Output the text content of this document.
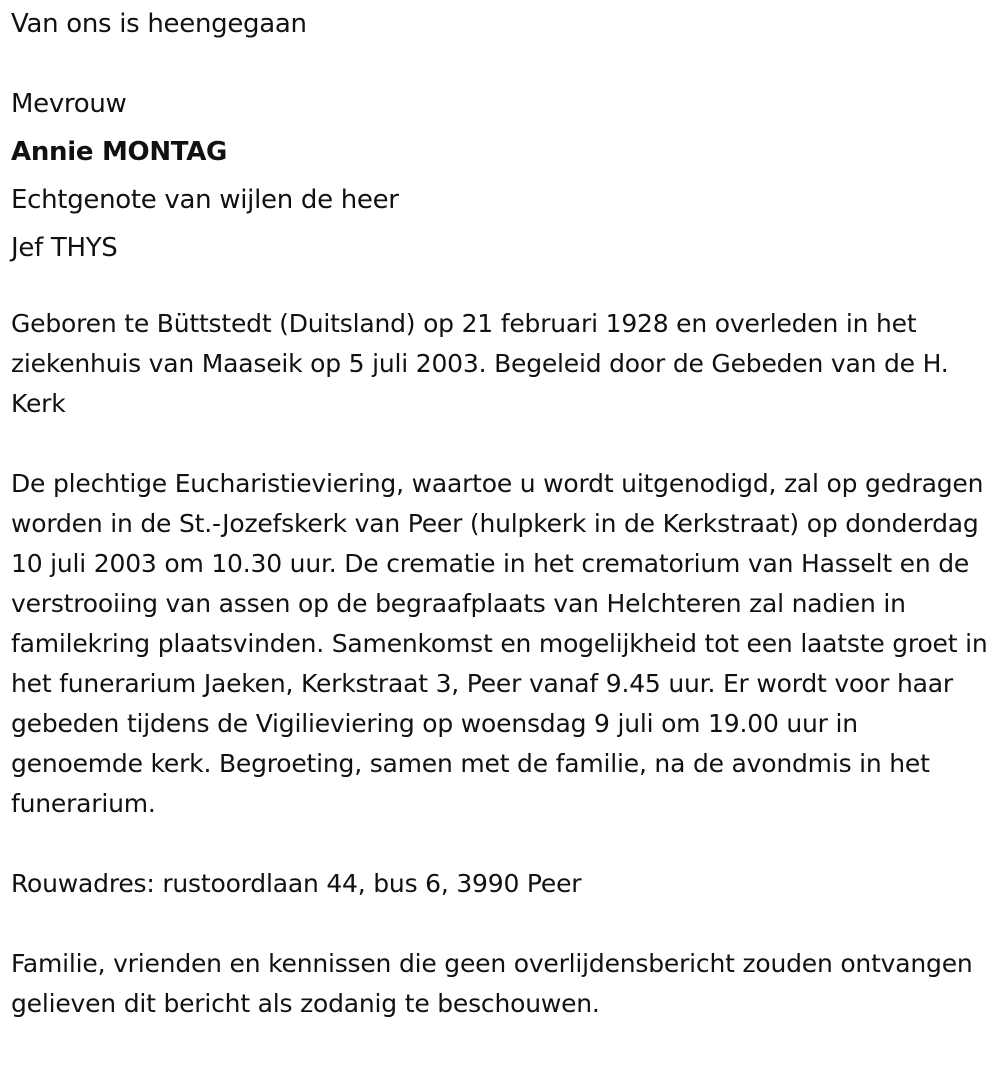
Van ons is heengegaan
Mevrouw
Annie MONTAG
Echtgenote van wijlen de heer
Jef THYS

Geboren te Büttstedt (Duitsland) op 21 februari 1928 en overleden in het ziekenhuis van Maaseik op 5 juli 2003. Begeleid door de Gebeden van de H. Kerk

De plechtige Eucharistieviering, waartoe u wordt uitgenodigd, zal op gedragen worden in de St.-Jozefskerk van Peer (hulpkerk in de Kerkstraat) op donderdag 10 juli 2003 om 10.30 uur. De crematie in het crematorium van Hasselt en de verstrooiing van assen op de begraafplaats van Helchteren zal nadien in familekring plaatsvinden. Samenkomst en mogelijkheid tot een laatste groet in het funerarium Jaeken, Kerkstraat 3, Peer vanaf 9.45 uur. Er wordt voor haar gebeden tijdens de Vigilieviering op woensdag 9 juli om 19.00 uur in genoemde kerk. Begroeting, samen met de familie, na de avondmis in het funerarium.

Rouwadres: rustoordlaan 44, bus 6, 3990 Peer

Familie, vrienden en kennissen die geen overlijdensbericht zouden ontvangen gelieven dit bericht als zodanig te beschouwen.
